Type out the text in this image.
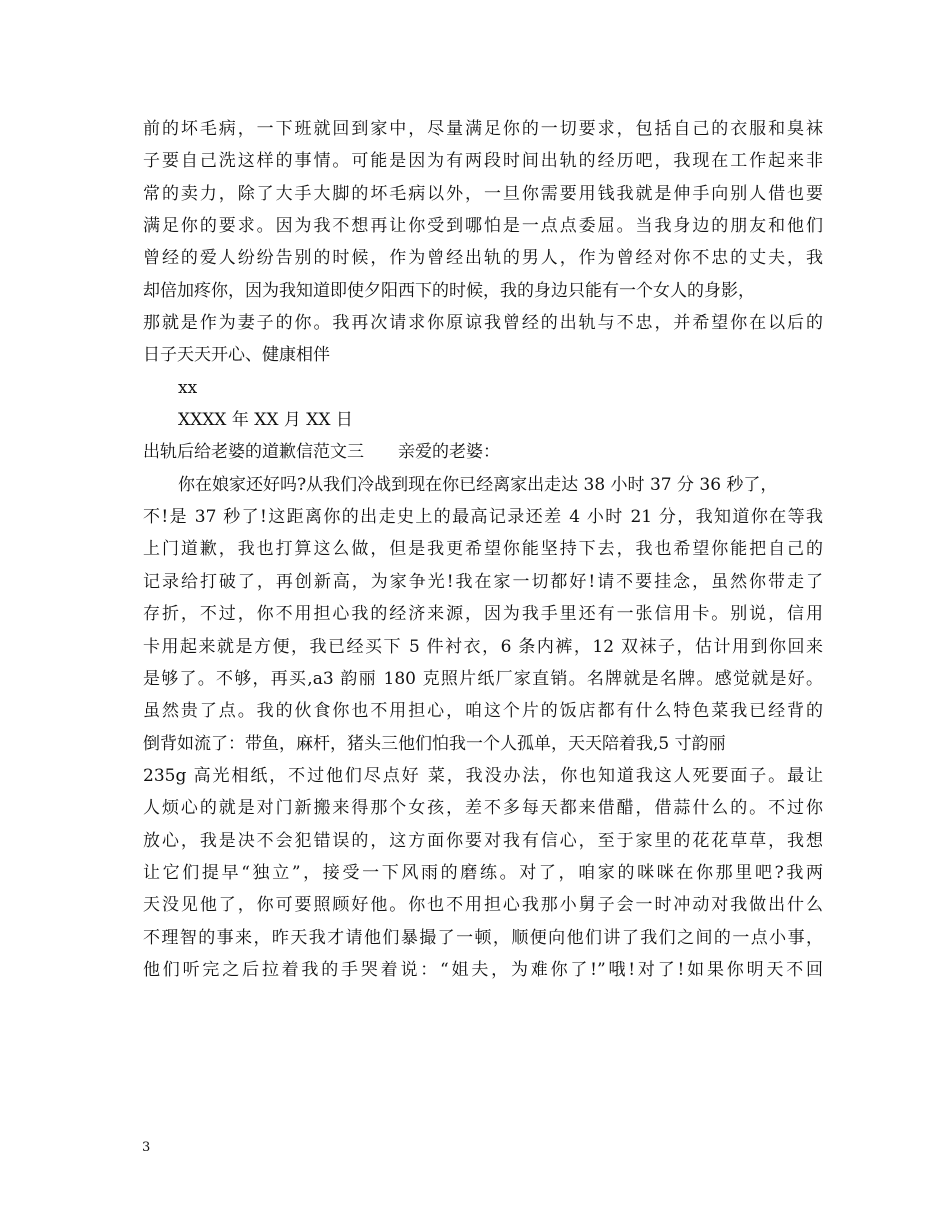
前的坏毛病，一下班就回到家中，尽量满足你的一切要求，包括自己的衣服和臭袜
子要自己洗这样的事情。可能是因为有两段时间出轨的经历吧，我现在工作起来非
常的卖力，除了大手大脚的坏毛病以外，一旦你需要用钱我就是伸手向别人借也要
满足你的要求。因为我不想再让你受到哪怕是一点点委屈。当我身边的朋友和他们
曾经的爱人纷纷告别的时候，作为曾经出轨的男人，作为曾经对你不忠的丈夫，我
却倍加疼你，因为我知道即使夕阳西下的时候，我的身边只能有一个女人的身影，
那就是作为妻子的你。我再次请求你原谅我曾经的出轨与不忠，并希望你在以后的
日子天天开心、健康相伴
xx
XXXX 年 XX 月 XX 日
出轨后给老婆的道歉信范文三　　亲爱的老婆：
你在娘家还好吗?从我们冷战到现在你已经离家出走达 38 小时 37 分 36 秒了，
不!是 37 秒了!这距离你的出走史上的最高记录还差 4 小时 21 分，我知道你在等我
上门道歉，我也打算这么做，但是我更希望你能坚持下去，我也希望你能把自己的
记录给打破了，再创新高，为家争光!我在家一切都好!请不要挂念，虽然你带走了
存折，不过，你不用担心我的经济来源，因为我手里还有一张信用卡。别说，信用
卡用起来就是方便，我已经买下 5 件衬衣，6 条内裤，12 双袜子，估计用到你回来
是够了。不够，再买,a3 韵丽 180 克照片纸厂家直销。名牌就是名牌。感觉就是好。
虽然贵了点。我的伙食你也不用担心，咱这个片的饭店都有什么特色菜我已经背的
倒背如流了：带鱼，麻杆，猪头三他们怕我一个人孤单，天天陪着我,5 寸韵丽
235g 高光相纸，不过他们尽点好 菜，我没办法，你也知道我这人死要面子。最让
人烦心的就是对门新搬来得那个女孩，差不多每天都来借醋，借蒜什么的。不过你
放心，我是决不会犯错误的，这方面你要对我有信心，至于家里的花花草草，我想
让它们提早“独立”，接受一下风雨的磨练。对了，咱家的咪咪在你那里吧?我两
天没见他了，你可要照顾好他。你也不用担心我那小舅子会一时冲动对我做出什么
不理智的事来，昨天我才请他们暴撮了一顿，顺便向他们讲了我们之间的一点小事，
他们听完之后拉着我的手哭着说：“姐夫，为难你了!”哦!对了!如果你明天不回
3
